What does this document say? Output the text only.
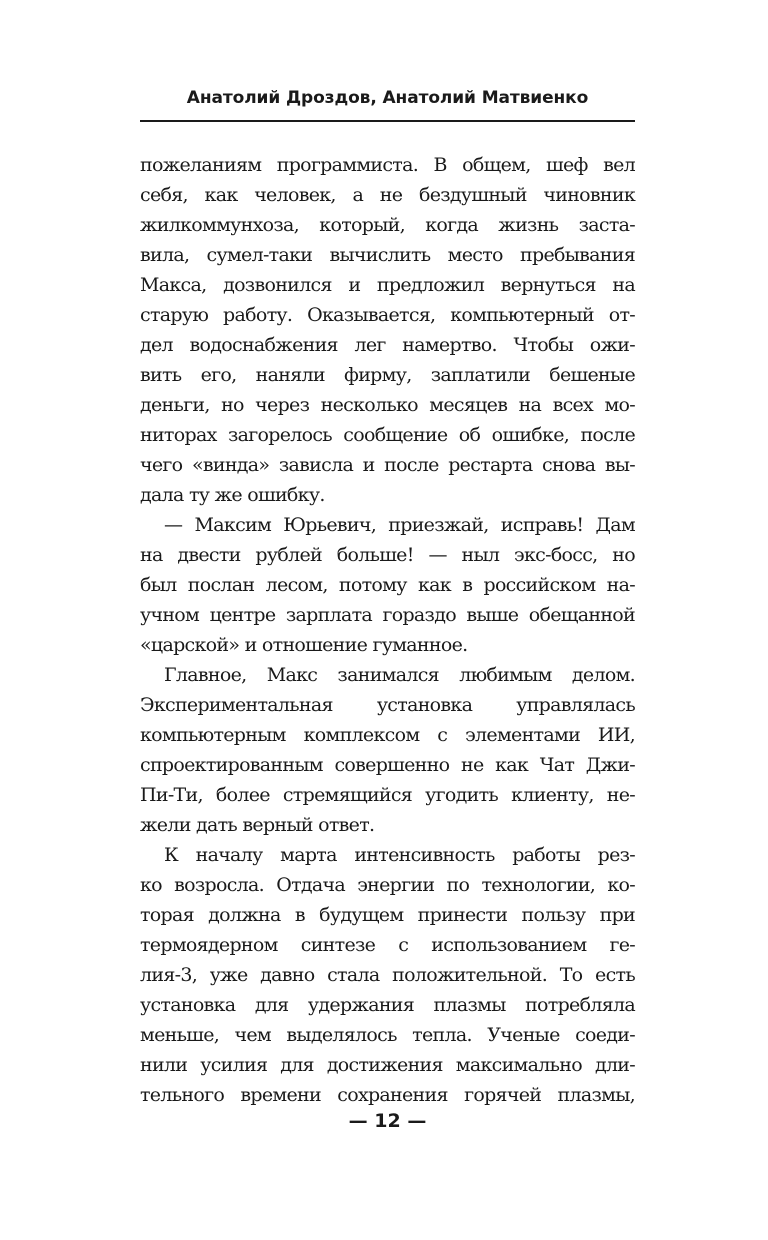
Анатолий Дроздов, Анатолий Матвиенко
пожеланиям программиста. В общем, шеф вел
себя, как человек, а не бездушный чиновник
жилкоммунхоза, который, когда жизнь заста-
вила, сумел-таки вычислить место пребывания
Макса, дозвонился и предложил вернуться на
старую работу. Оказывается, компьютерный от-
дел водоснабжения лег намертво. Чтобы ожи-
вить его, наняли фирму, заплатили бешеные
деньги, но через несколько месяцев на всех мо-
ниторах загорелось сообщение об ошибке, после
чего «винда» зависла и после рестарта снова вы-
дала ту же ошибку.
— Максим Юрьевич, приезжай, исправь! Дам
на двести рублей больше! — ныл экс-босс, но
был послан лесом, потому как в российском на-
учном центре зарплата гораздо выше обещанной
«царской» и отношение гуманное.
Главное, Макс занимался любимым делом.
Экспериментальная установка управлялась
компьютерным комплексом с элементами ИИ,
спроектированным совершенно не как Чат Джи-
Пи-Ти, более стремящийся угодить клиенту, не-
жели дать верный ответ.
К началу марта интенсивность работы рез-
ко возросла. Отдача энергии по технологии, ко-
торая должна в будущем принести пользу при
термоядерном синтезе с использованием ге-
лия-3, уже давно стала положительной. То есть
установка для удержания плазмы потребляла
меньше, чем выделялось тепла. Ученые соеди-
нили усилия для достижения максимально дли-
тельного времени сохранения горячей плазмы,
— 12 —
